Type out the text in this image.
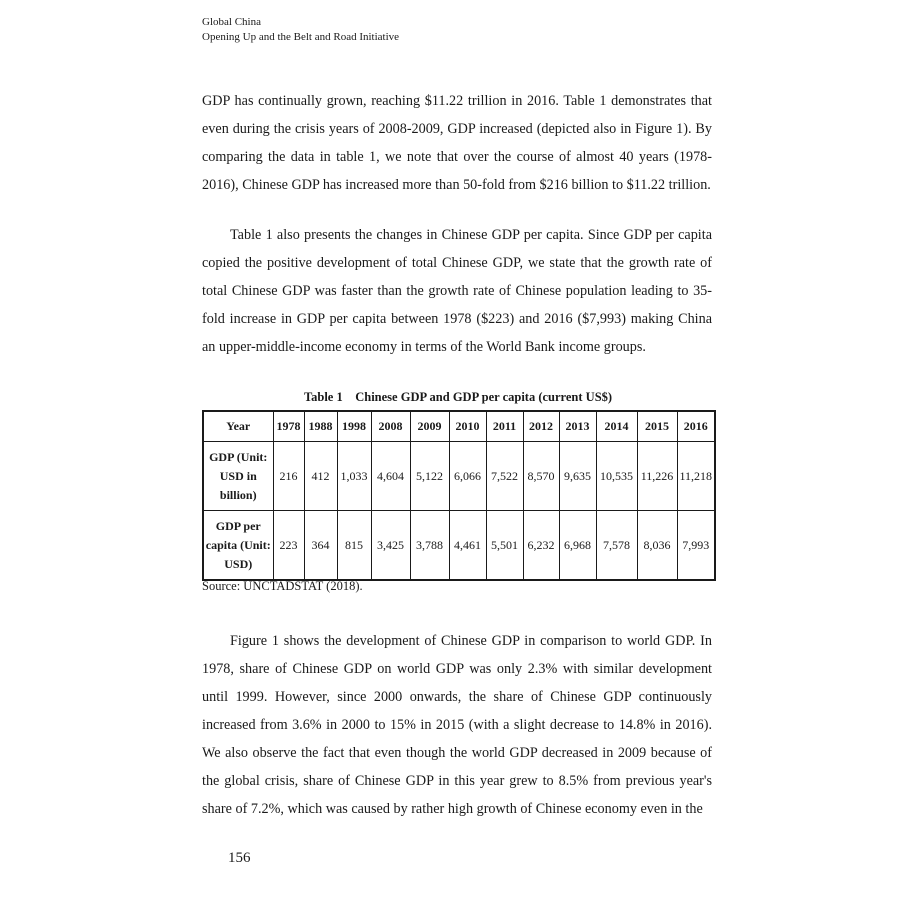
Global China
Opening Up and the Belt and Road Initiative

GDP has continually grown, reaching $11.22 trillion in 2016. Table 1 demonstrates that even during the crisis years of 2008-2009, GDP increased (depicted also in Figure 1). By comparing the data in table 1, we note that over the course of almost 40 years (1978-2016), Chinese GDP has increased more than 50-fold from $216 billion to $11.22 trillion.

Table 1 also presents the changes in Chinese GDP per capita. Since GDP per capita copied the positive development of total Chinese GDP, we state that the growth rate of total Chinese GDP was faster than the growth rate of Chinese population leading to 35-fold increase in GDP per capita between 1978 ($223) and 2016 ($7,993) making China an upper-middle-income economy in terms of the World Bank income groups.

Table 1    Chinese GDP and GDP per capita (current US$)
Year	1978	1988	1998	2008	2009	2010	2011	2012	2013	2014	2015	2016

GDP (Unit:
USD in
billion)	216	412	1,033	4,604	5,122	6,066	7,522	8,570	9,635	10,535	11,226	11,218

GDP per
capita (Unit:
USD)	223	364	815	3,425	3,788	4,461	5,501	6,232	6,968	7,578	8,036	7,993
Source: UNCTADSTAT (2018).

Figure 1 shows the development of Chinese GDP in comparison to world GDP. In 1978, share of Chinese GDP on world GDP was only 2.3% with similar development until 1999. However, since 2000 onwards, the share of Chinese GDP continuously increased from 3.6% in 2000 to 15% in 2015 (with a slight decrease to 14.8% in 2016). We also observe the fact that even though the world GDP decreased in 2009 because of the global crisis, share of Chinese GDP in this year grew to 8.5% from previous year's share of 7.2%, which was caused by rather high growth of Chinese economy even in the

156
